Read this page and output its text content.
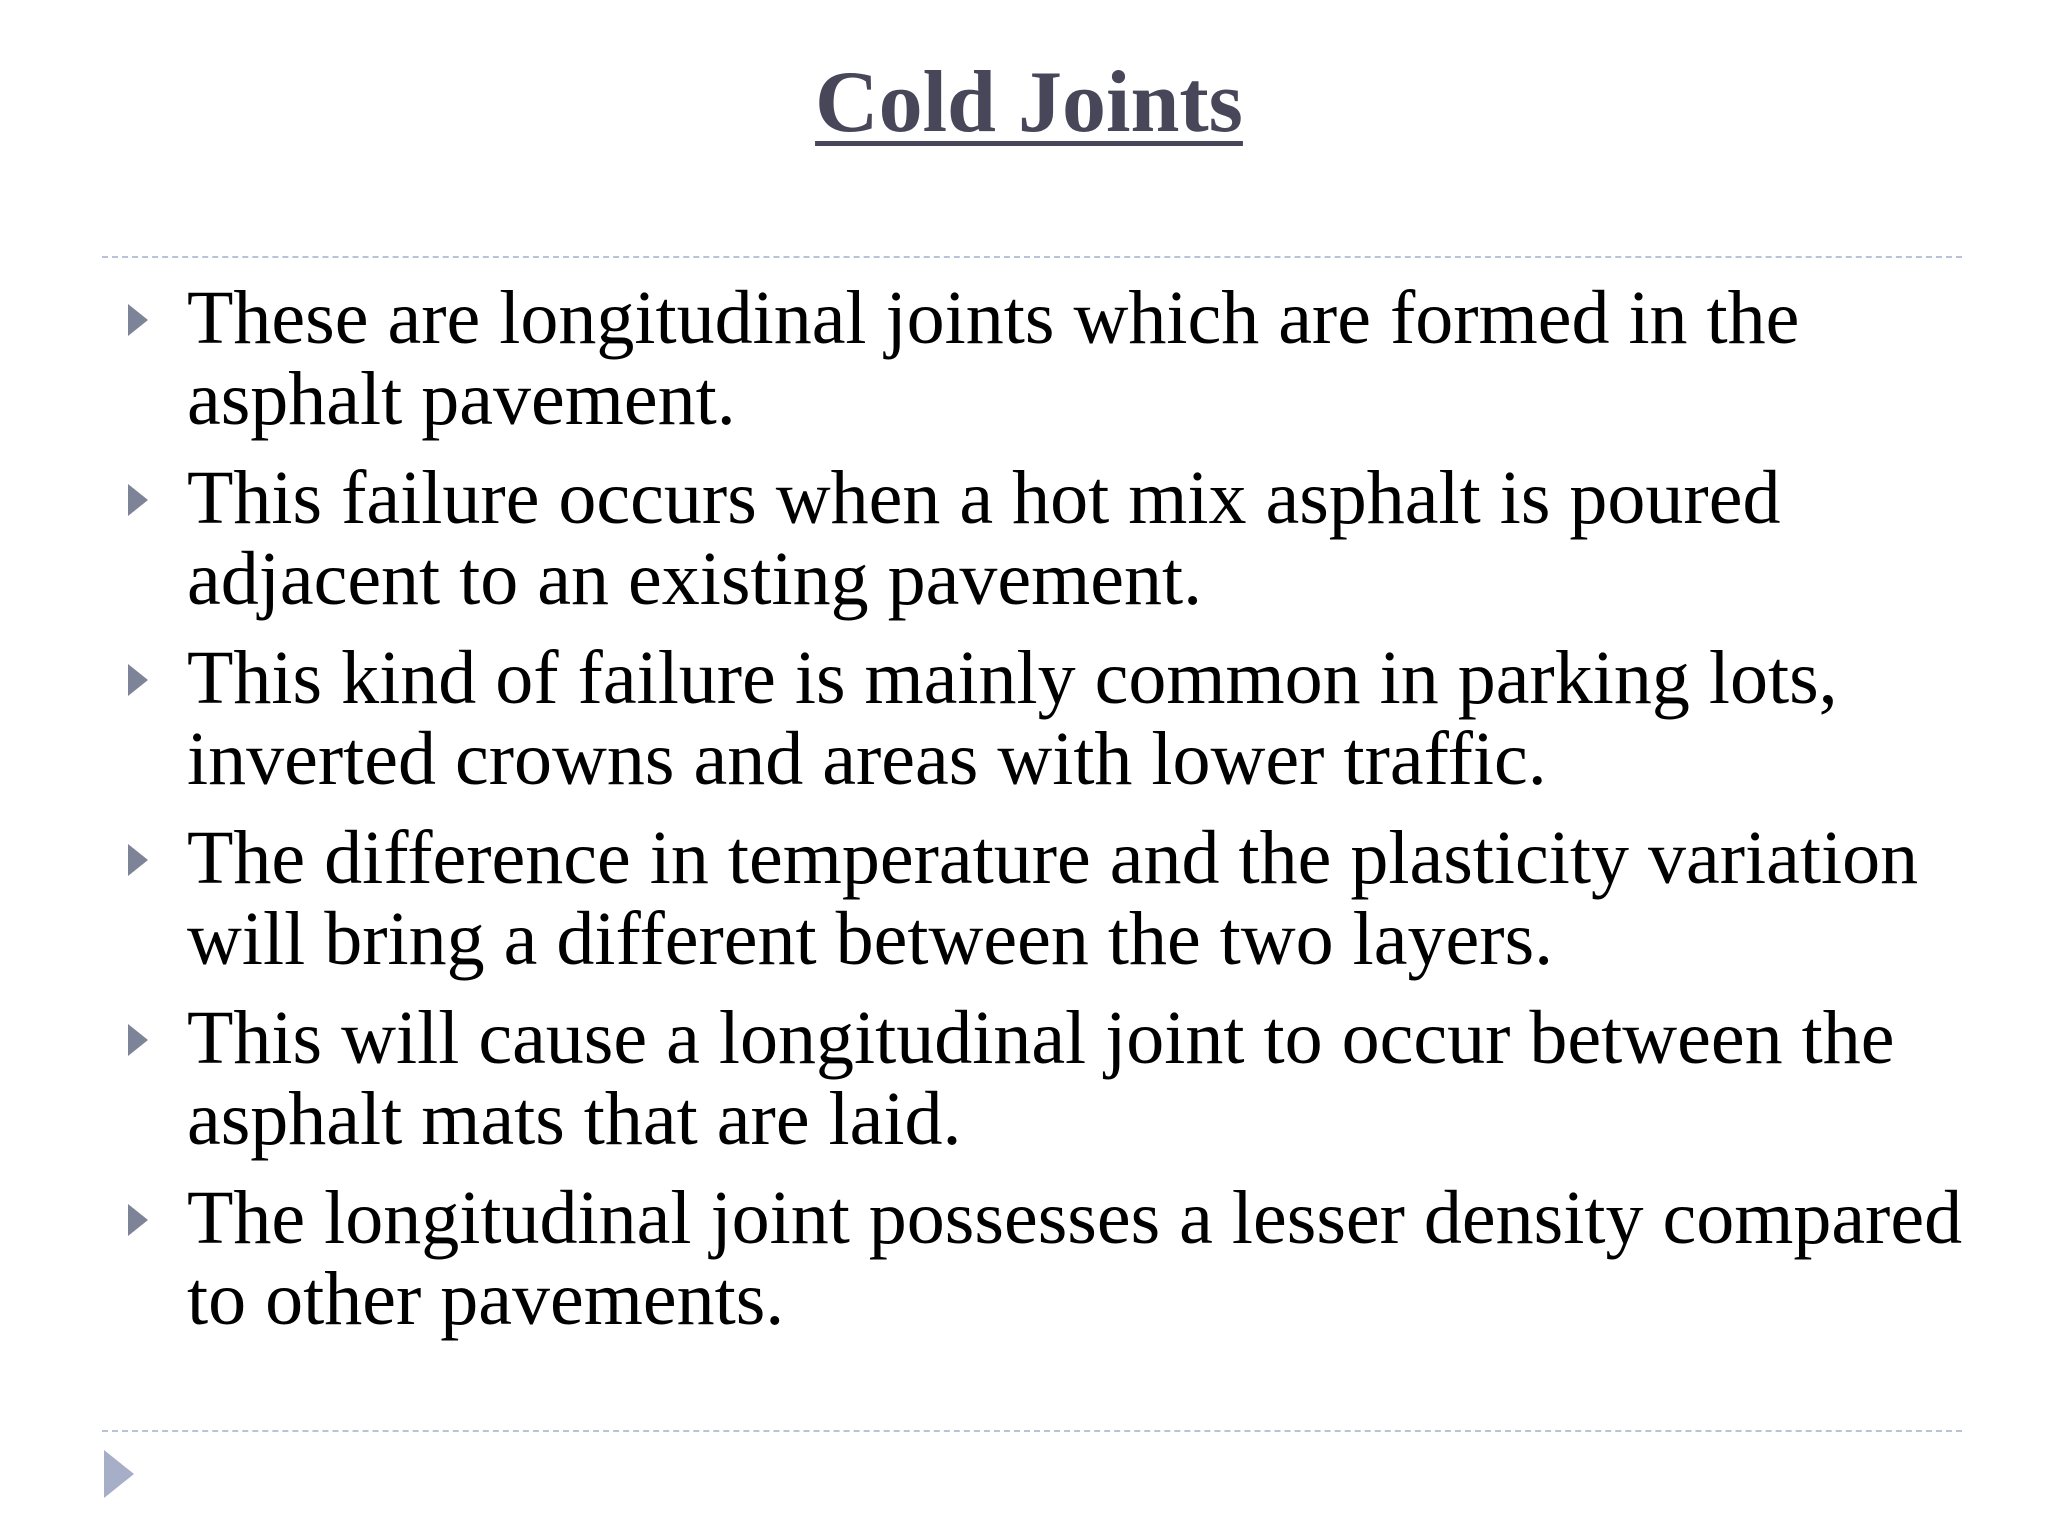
Cold Joints
These are longitudinal joints which are formed in the asphalt pavement.
This failure occurs when a hot mix asphalt is poured adjacent to an existing pavement.
This kind of failure is mainly common in parking lots, inverted crowns and areas with lower traffic.
The difference in temperature and the plasticity variation will bring a different between the two layers.
This will cause a longitudinal joint to occur between the asphalt mats that are laid.
The longitudinal joint possesses a lesser density compared to other pavements.
